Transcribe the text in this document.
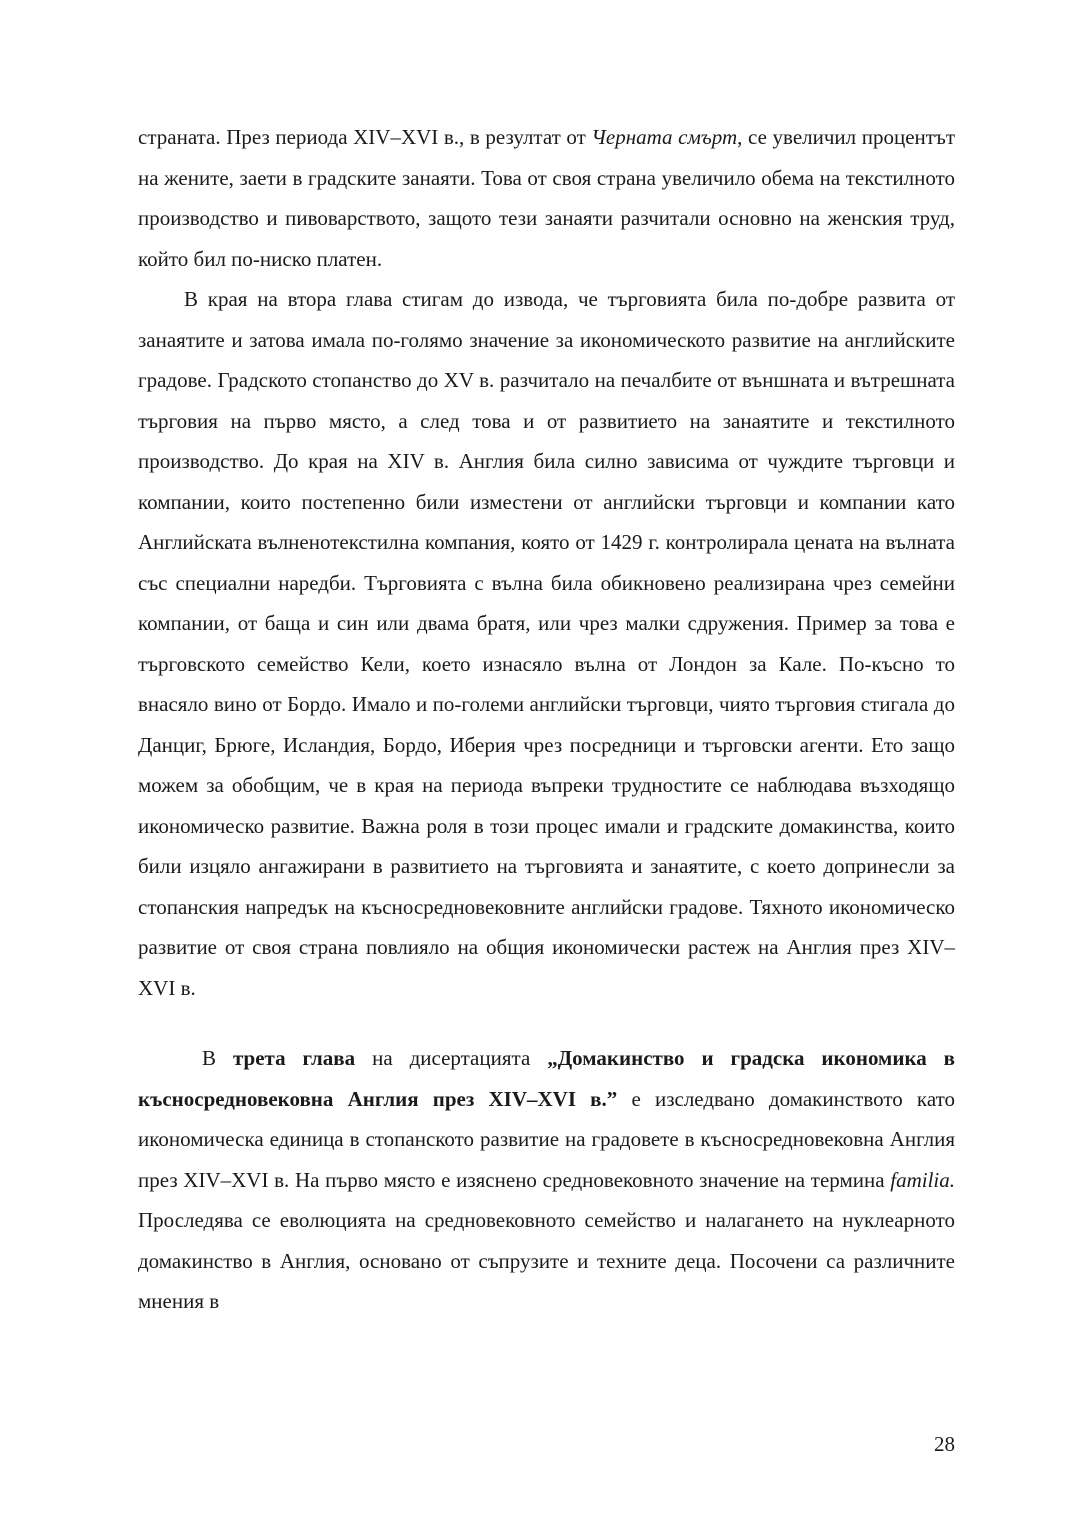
страната. През периода XIV–XVI в., в резултат от Черната смърт, се увеличил процентът на жените, заети в градските занаяти. Това от своя страна увеличило обема на текстилното производство и пивоварството, защото тези занаяти разчитали основно на женския труд, който бил по-ниско платен.

В края на втора глава стигам до извода, че търговията била по-добре развита от занаятите и затова имала по-голямо значение за икономическото развитие на английските градове. Градското стопанство до XV в. разчитало на печалбите от външната и вътрешната търговия на първо място, а след това и от развитието на занаятите и текстилното производство. До края на XIV в. Англия била силно зависима от чуждите търговци и компании, които постепенно били изместени от английски търговци и компании като Английската вълненотекстилна компания, която от 1429 г. контролирала цената на вълната със специални наредби. Търговията с вълна била обикновено реализирана чрез семейни компании, от баща и син или двама братя, или чрез малки сдружения. Пример за това е търговското семейство Кели, което изнасяло вълна от Лондон за Кале. По-късно то внасяло вино от Бордо. Имало и по-големи английски търговци, чиято търговия стигала до Данциг, Брюге, Исландия, Бордо, Иберия чрез посредници и търговски агенти. Ето защо можем за обобщим, че в края на периода въпреки трудностите се наблюдава възходящо икономическо развитие. Важна роля в този процес имали и градските домакинства, които били изцяло ангажирани в развитието на търговията и занаятите, с което допринесли за стопанския напредък на късносредновековните английски градове. Тяхното икономическо развитие от своя страна повлияло на общия икономически растеж на Англия през XIV–XVI в.

В трета глава на дисертацията „Домакинство и градска икономика в късносредновековна Англия през XIV–XVI в.” е изследвано домакинството като икономическа единица в стопанското развитие на градовете в късносредновековна Англия през XIV–XVI в. На първо място е изяснено средновековното значение на термина familia. Проследява се еволюцията на средновековното семейство и налагането на нуклеарното домакинство в Англия, основано от съпрузите и техните деца. Посочени са различните мнения в

28
